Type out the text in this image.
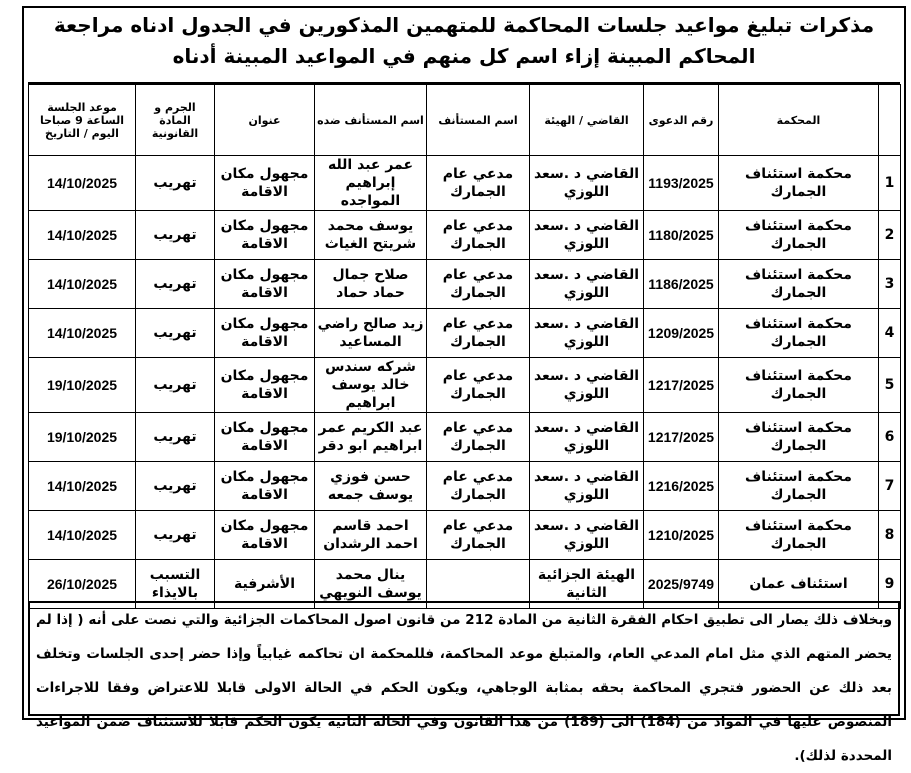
مذكرات تبليغ مواعيد جلسات المحاكمة للمتهمين المذكورين في الجدول ادناه مراجعة المحاكم المبينة إزاء اسم كل منهم في المواعيد المبينة أدناه
	المحكمة	رقم الدعوى	القاضي / الهيئة	اسم المستأنف	اسم المستأنف ضده	عنوان	الجرم و المادة القانونية	موعد الجلسة الساعة 9 صباحا اليوم / التاريخ
1	محكمة استئناف الجمارك	1193/2025	القاضي د .سعد اللوزي	مدعي عام الجمارك	عمر عبد الله إبراهيم المواجده	مجهول مكان الاقامة	تهريب	14/10/2025
2	محكمة استئناف الجمارك	1180/2025	القاضي د .سعد اللوزي	مدعي عام الجمارك	يوسف محمد شريتح الغياث	مجهول مكان الاقامة	تهريب	14/10/2025
3	محكمة استئناف الجمارك	1186/2025	القاضي د .سعد اللوزي	مدعي عام الجمارك	صلاح جمال حماد حماد	مجهول مكان الاقامة	تهريب	14/10/2025
4	محكمة استئناف الجمارك	1209/2025	القاضي د .سعد اللوزي	مدعي عام الجمارك	زيد صالح راضي المساعيد	مجهول مكان الاقامة	تهريب	14/10/2025
5	محكمة استئناف الجمارك	1217/2025	القاضي د .سعد اللوزي	مدعي عام الجمارك	شركه سندس خالد يوسف ابراهيم	مجهول مكان الاقامة	تهريب	19/10/2025
6	محكمة استئناف الجمارك	1217/2025	القاضي د .سعد اللوزي	مدعي عام الجمارك	عبد الكريم عمر ابراهيم ابو دقر	مجهول مكان الاقامة	تهريب	19/10/2025
7	محكمة استئناف الجمارك	1216/2025	القاضي د .سعد اللوزي	مدعي عام الجمارك	حسن فوزي يوسف جمعه	مجهول مكان الاقامة	تهريب	14/10/2025
8	محكمة استئناف الجمارك	1210/2025	القاضي د .سعد اللوزي	مدعي عام الجمارك	احمد قاسم احمد الرشدان	مجهول مكان الاقامة	تهريب	14/10/2025
9	استئناف عمان	2025/9749	الهيئة الجزائية الثانية		ينال محمد يوسف النويهي	الأشرفية	التسبب بالايذاء	26/10/2025
وبخلاف ذلك يصار الى تطبيق احكام الفقرة الثانية من المادة 212 من قانون اصول المحاكمات الجزائية والتي نصت على أنه ( إذا لم يحضر المتهم الذي مثل امام المدعي العام، والمتبلغ موعد المحاكمة، فللمحكمة ان تحاكمه غيابياً وإذا حضر إحدى الجلسات وتخلف بعد ذلك عن الحضور فتجري المحاكمة بحقه بمثابة الوجاهي، ويكون الحكم في الحالة الاولى قابلا للاعتراض وفقا للاجراءات المنصوص عليها في المواد من (184) الى (189) من هذا القانون وفي الحالة الثانية يكون الحكم قابلا للاستئناف ضمن المواعيد المحددة لذلك).
